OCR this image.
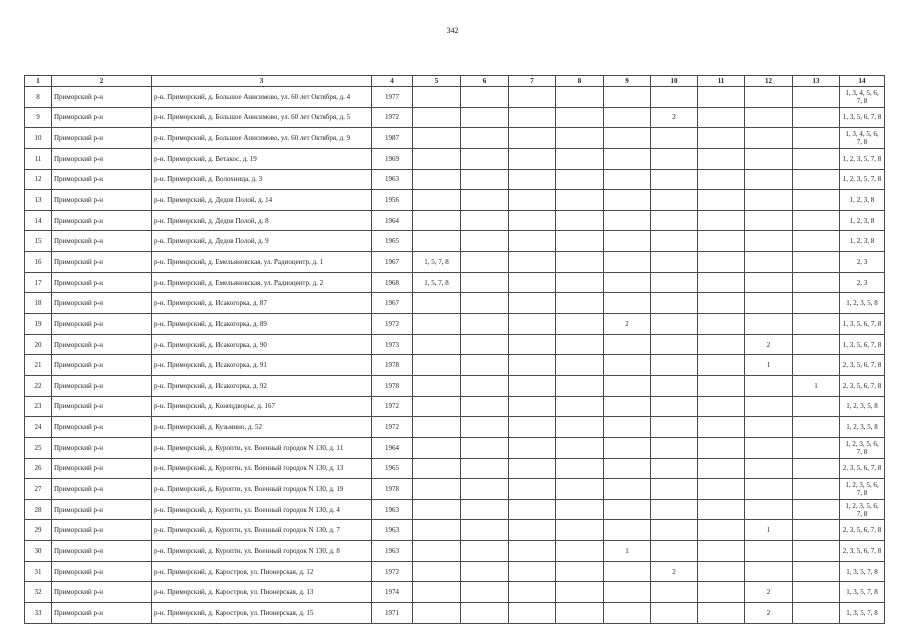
342
1	2	3	4	5	6	7	8	9	10	11	12	13	14
8	Приморский р-н	р-н. Приморский, д. Большое Анисимово, ул. 60 лет Октября, д. 4	1977										1, 3, 4, 5, 6, 7, 8
9	Приморский р-н	р-н. Приморский, д. Большое Анисимово, ул. 60 лет Октября, д. 5	1972						2				1, 3, 5, 6, 7, 8
10	Приморский р-н	р-н. Приморский, д. Большое Анисимово, ул. 60 лет Октября, д. 9	1987										1, 3, 4, 5, 6, 7, 8
11	Приморский р-н	р-н. Приморский, д. Ветакос, д. 19	1969										1, 2, 3, 5, 7, 8
12	Приморский р-н	р-н. Приморский, д. Волохница, д. 3	1963										1, 2, 3, 5, 7, 8
13	Приморский р-н	р-н. Приморский, д. Дедов Полой, д. 14	1956										1, 2, 3, 8
14	Приморский р-н	р-н. Приморский, д. Дедов Полой, д. 8	1964										1, 2, 3, 8
15	Приморский р-н	р-н. Приморский, д. Дедов Полой, д. 9	1965										1, 2, 3, 8
16	Приморский р-н	р-н. Приморский, д. Емельяновская, ул. Радиоцентр, д. 1	1967	1, 5, 7, 8									2, 3
17	Приморский р-н	р-н. Приморский, д. Емельяновская, ул. Радиоцентр, д. 2	1968	1, 5, 7, 8									2, 3
18	Приморский р-н	р-н. Приморский, д. Исакогорка, д. 87	1967										1, 2, 3, 5, 8
19	Приморский р-н	р-н. Приморский, д. Исакогорка, д. 89	1972					2					1, 3, 5, 6, 7, 8
20	Приморский р-н	р-н. Приморский, д. Исакогорка, д. 90	1973								2		1, 3, 5, 6, 7, 8
21	Приморский р-н	р-н. Приморский, д. Исакогорка, д. 91	1978								1		2, 3, 5, 6, 7, 8
22	Приморский р-н	р-н. Приморский, д. Исакогорка, д. 92	1978									1	2, 3, 5, 6, 7, 8
23	Приморский р-н	р-н. Приморский, д. Конецдворье, д. 167	1972										1, 2, 3, 5, 8
24	Приморский р-н	р-н. Приморский, д. Кузьмино, д. 52	1972										1, 2, 3, 5, 8
25	Приморский р-н	р-н. Приморский, д. Куропти, ул. Военный городок N 130, д. 11	1964										1, 2, 3, 5, 6, 7, 8
26	Приморский р-н	р-н. Приморский, д. Куропти, ул. Военный городок N 130, д. 13	1965										2, 3, 5, 6, 7, 8
27	Приморский р-н	р-н. Приморский, д. Куропти, ул. Военный городок N 130, д. 19	1978										1, 2, 3, 5, 6, 7, 8
28	Приморский р-н	р-н. Приморский, д. Куропти, ул. Военный городок N 130, д. 4	1963										1, 2, 3, 5, 6, 7, 8
29	Приморский р-н	р-н. Приморский, д. Куропти, ул. Военный городок N 130, д. 7	1963								1		2, 3, 5, 6, 7, 8
30	Приморский р-н	р-н. Приморский, д. Куропти, ул. Военный городок N 130, д. 8	1963					1					2, 3, 5, 6, 7, 8
31	Приморский р-н	р-н. Приморский, д. Каростров, ул. Пионерская, д. 12	1972						2				1, 3, 5, 7, 8
32	Приморский р-н	р-н. Приморский, д. Каростров, ул. Пионерская, д. 13	1974								2		1, 3, 5, 7, 8
33	Приморский р-н	р-н. Приморский, д. Каростров, ул. Пионерская, д. 15	1971								2		1, 3, 5, 7, 8
